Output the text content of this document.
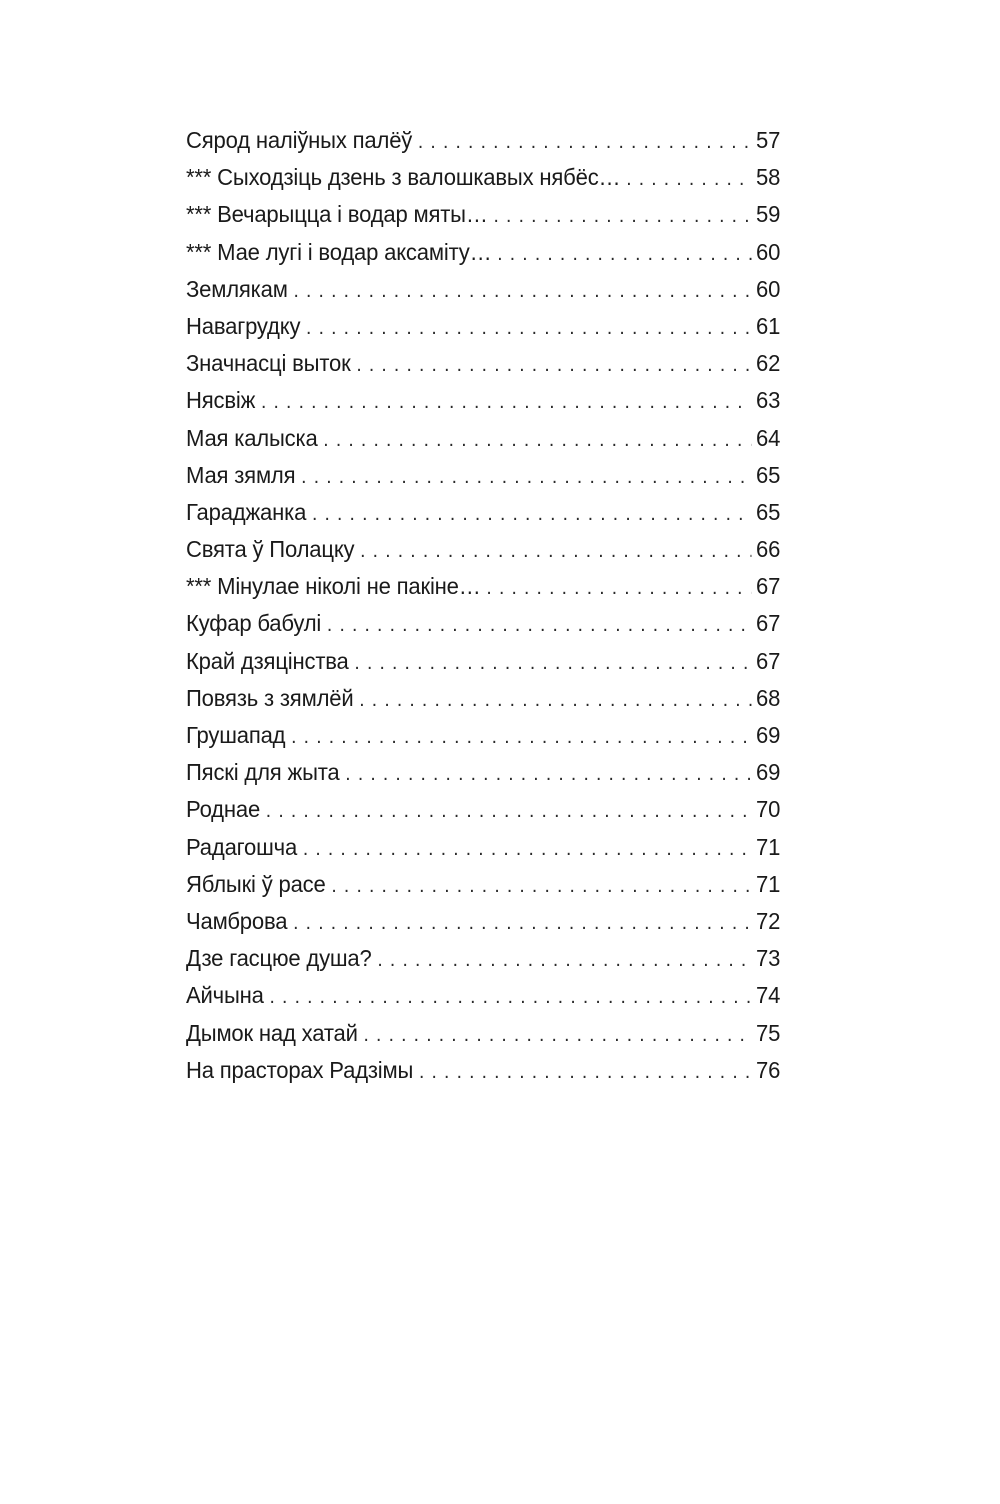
Сярод наліўных палёў .....	57
*** Сыходзіць дзень з валошкавых нябёс… .....	58
*** Вечарыцца і водар мяты… .....	59
*** Мае лугі і водар аксаміту… .....	60
Землякам .....	60
Навагрудку .....	61
Значнасці выток .....	62
Нясвіж .....	63
Мая калыска .....	64
Мая зямля .....	65
Гараджанка .....	65
Свята ў Полацку .....	66
*** Мінулае ніколі не пакіне… .....	67
Куфар бабулі .....	67
Край дзяцінства .....	67
Повязь з зямлёй .....	68
Грушапад .....	69
Пяскі для жыта .....	69
Роднае .....	70
Радагошча .....	71
Яблыкі ў расе .....	71
Чамброва .....	72
Дзе гасцюе душа? .....	73
Айчына .....	74
Дымок над хатай .....	75
На прасторах Радзімы .....	76
